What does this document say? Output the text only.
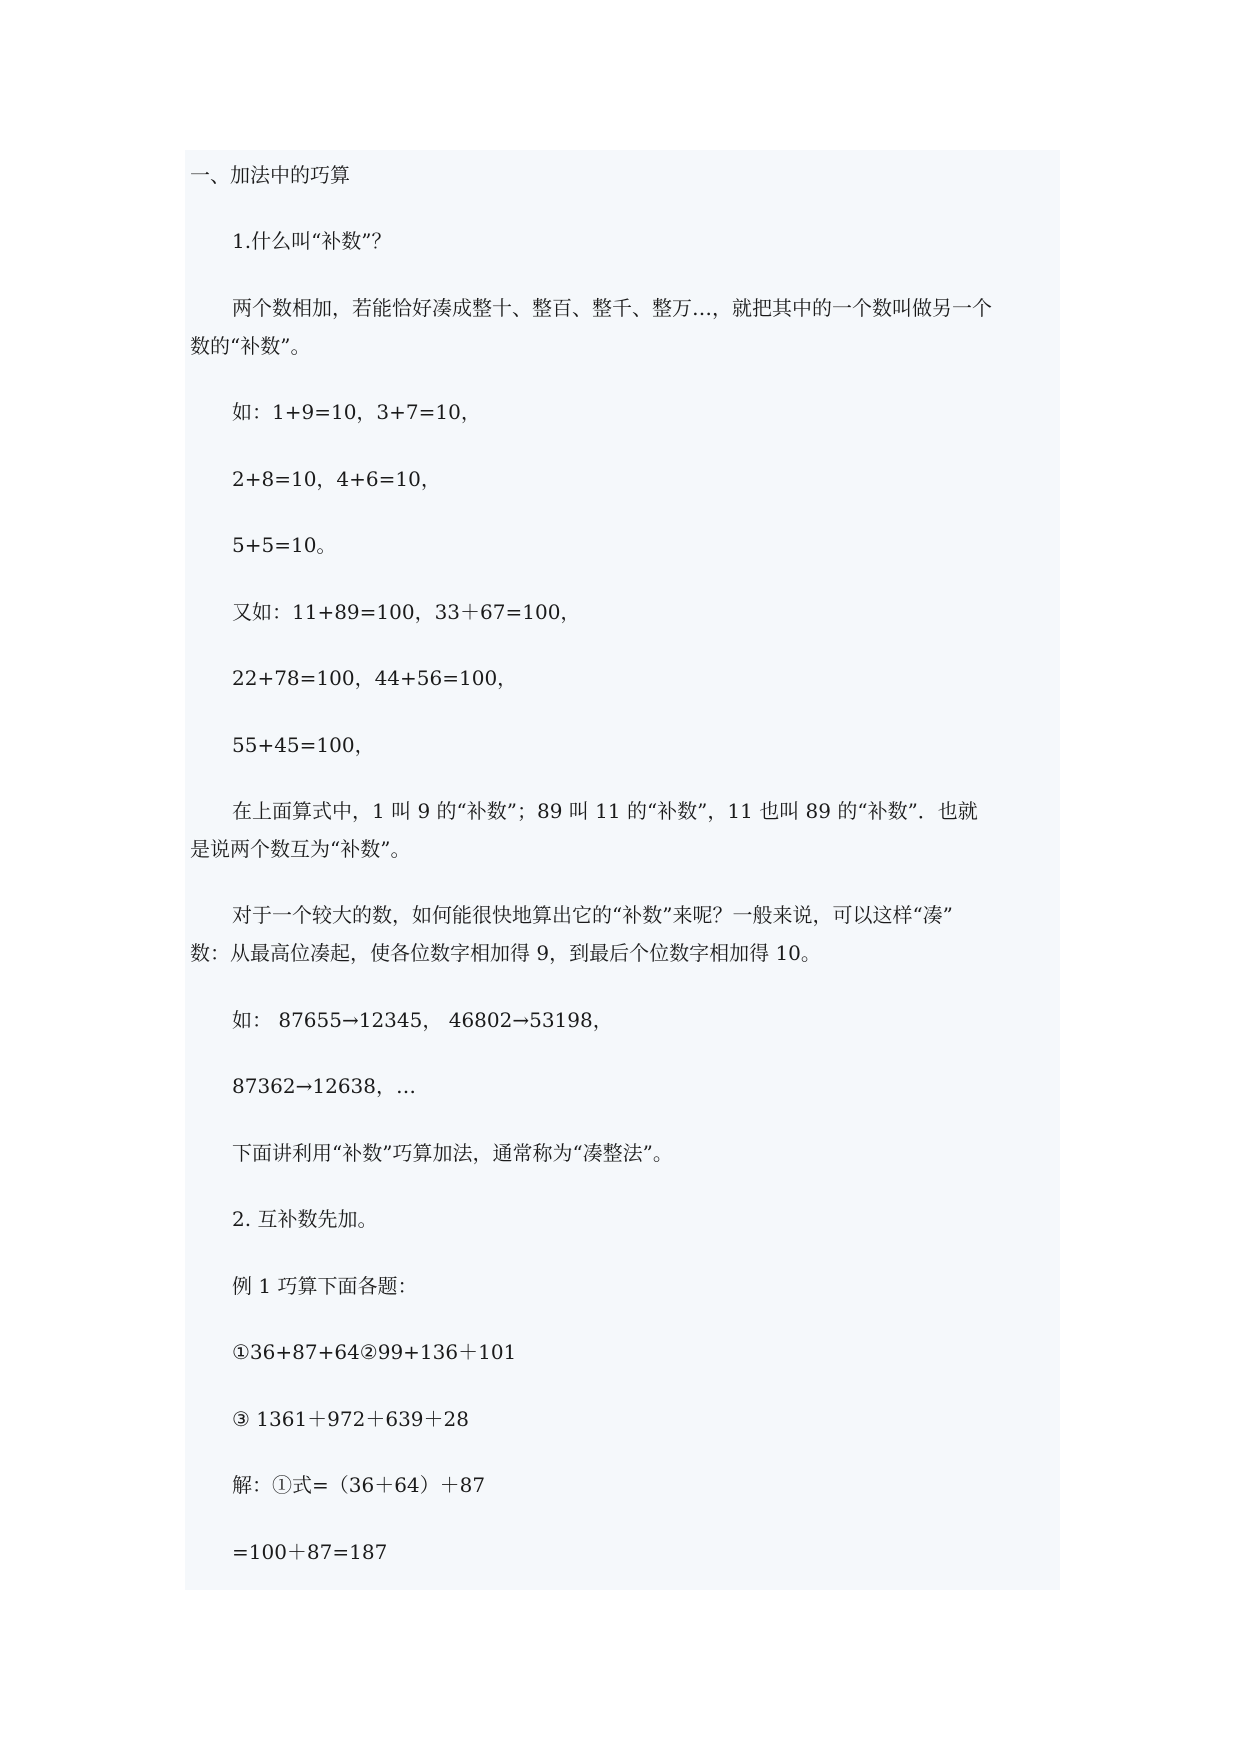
一、加法中的巧算
1.什么叫“补数”？
两个数相加，若能恰好凑成整十、整百、整千、整万…，就把其中的一个数叫做另一个
数的“补数”。
如：1+9=10，3+7=10，
2+8=10，4+6=10，
5+5=10。
又如：11+89=100，33＋67=100，
22+78=100，44+56=100，
55+45=100，
在上面算式中，1 叫 9 的“补数”；89 叫 11 的“补数”，11 也叫 89 的“补数”．也就
是说两个数互为“补数”。
对于一个较大的数，如何能很快地算出它的“补数”来呢？一般来说，可以这样“凑”
数：从最高位凑起，使各位数字相加得 9，到最后个位数字相加得 10。
如： 87655→12345， 46802→53198，
87362→12638，…
下面讲利用“补数”巧算加法，通常称为“凑整法”。
2. 互补数先加。
例 1 巧算下面各题：
①36+87+64②99+136＋101
③ 1361＋972＋639＋28
解：①式=（36＋64）＋87
=100＋87=187
